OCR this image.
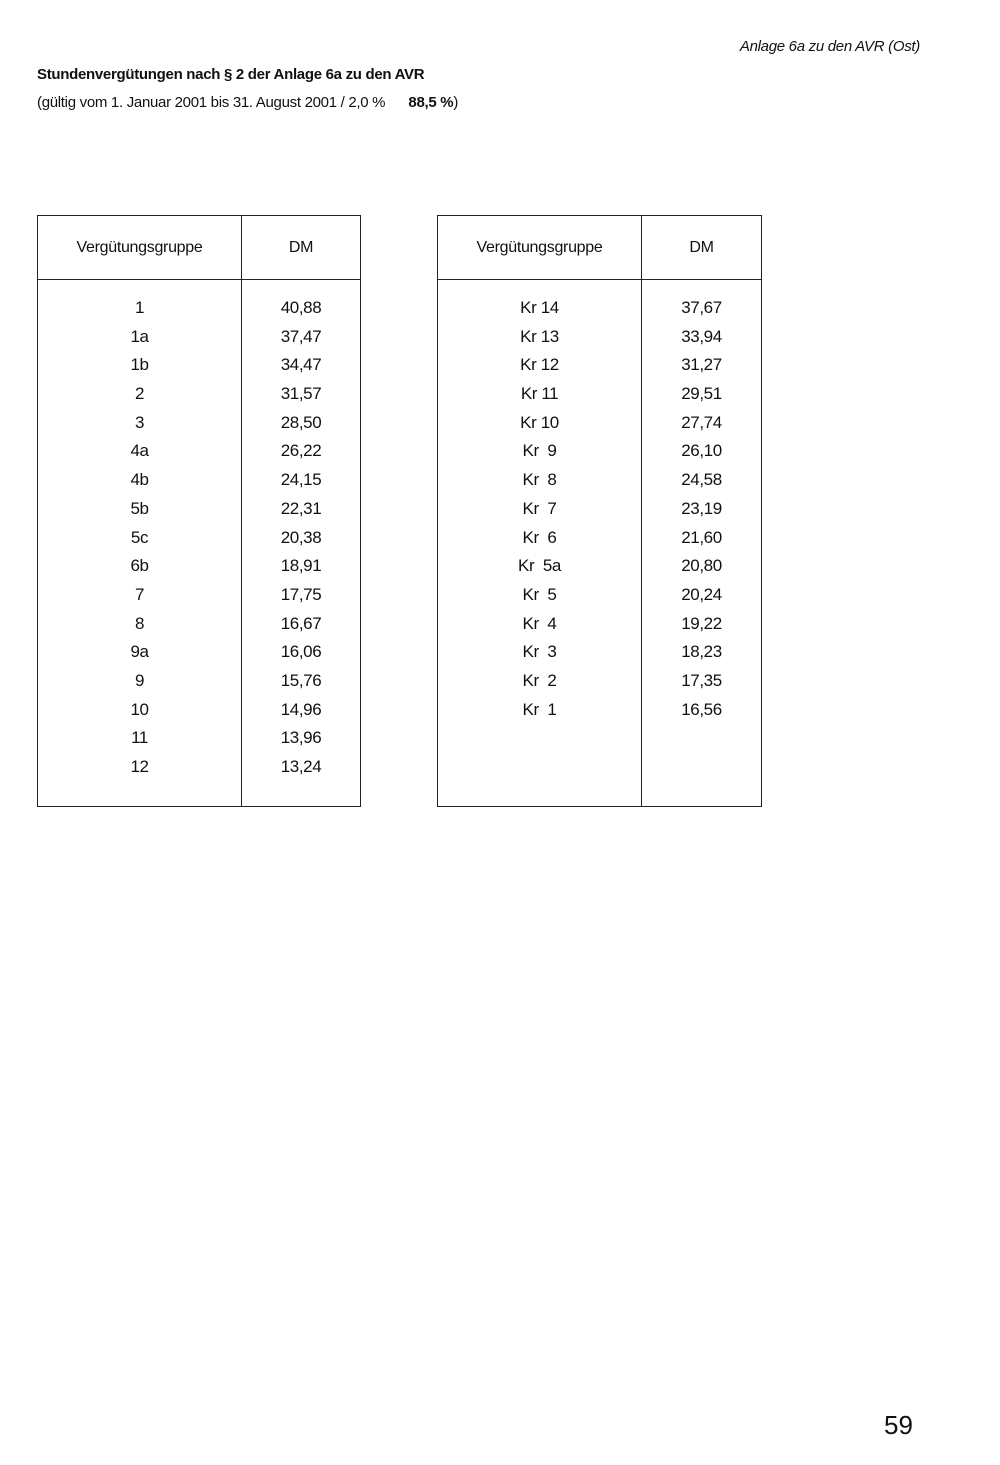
Anlage 6a zu den AVR (Ost)
Stundenvergütungen nach § 2 der Anlage 6a zu den AVR
(gültig vom 1. Januar 2001 bis 31. August 2001 / 2,0 % 88,5 %)
Vergütungsgruppe
1
1a
1b
2
3
4a
4b
5b
5c
6b
7
8
9a
9
10
11
12
DM
40,88
37,47
34,47
31,57
28,50
26,22
24,15
22,31
20,38
18,91
17,75
16,67
16,06
15,76
14,96
13,96
13,24
Vergütungsgruppe
Kr 14
Kr 13
Kr 12
Kr 11
Kr 10
Kr  9
Kr  8
Kr  7
Kr  6
Kr  5a
Kr  5
Kr  4
Kr  3
Kr  2
Kr  1
DM
37,67
33,94
31,27
29,51
27,74
26,10
24,58
23,19
21,60
20,80
20,24
19,22
18,23
17,35
16,56
59
